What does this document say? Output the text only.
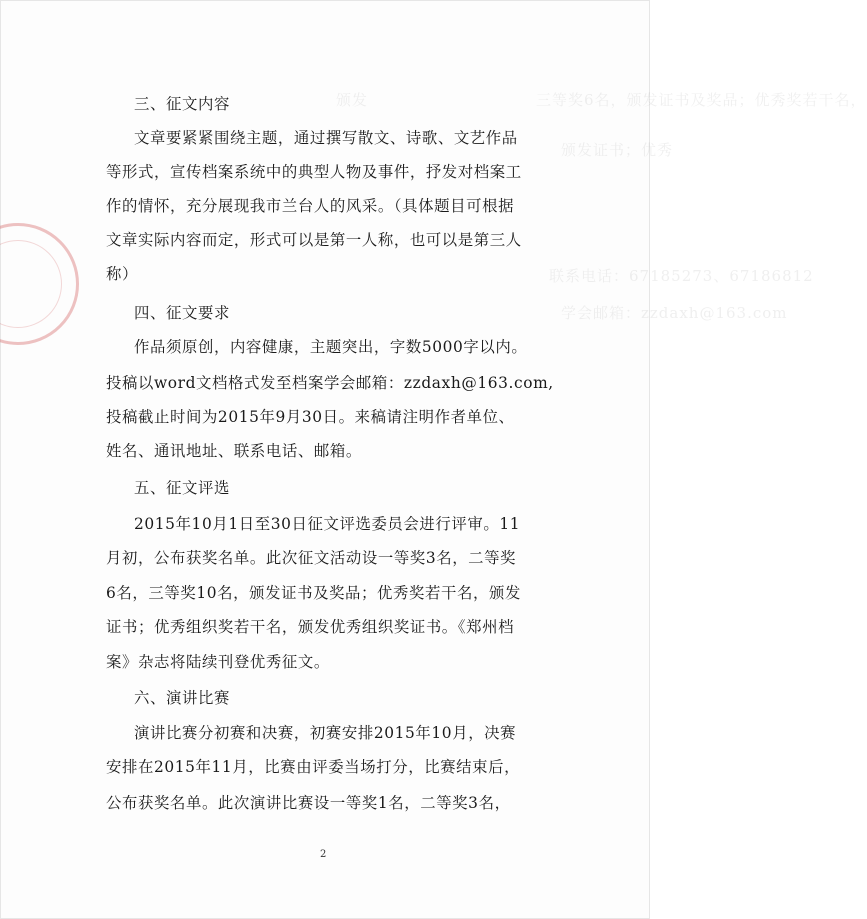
三等奖6名，颁发证书及奖品；优秀奖若干名，
颁发证书；优秀
颁发
联系电话：67185273、67186812
学会邮箱：zzdaxh@163.com
三、征文内容
文章要紧紧围绕主题，通过撰写散文、诗歌、文艺作品
等形式，宣传档案系统中的典型人物及事件，抒发对档案工
作的情怀，充分展现我市兰台人的风采。（具体题目可根据
文章实际内容而定，形式可以是第一人称，也可以是第三人
称）
四、征文要求
作品须原创，内容健康，主题突出，字数5000字以内。
投稿以word文档格式发至档案学会邮箱：zzdaxh@163.com,
投稿截止时间为2015年9月30日。来稿请注明作者单位、
姓名、通讯地址、联系电话、邮箱。
五、征文评选
2015年10月1日至30日征文评选委员会进行评审。11
月初，公布获奖名单。此次征文活动设一等奖3名，二等奖
6名，三等奖10名，颁发证书及奖品；优秀奖若干名，颁发
证书；优秀组织奖若干名，颁发优秀组织奖证书。《郑州档
案》杂志将陆续刊登优秀征文。
六、演讲比赛
演讲比赛分初赛和决赛，初赛安排2015年10月，决赛
安排在2015年11月，比赛由评委当场打分，比赛结束后，
公布获奖名单。此次演讲比赛设一等奖1名，二等奖3名，
2
